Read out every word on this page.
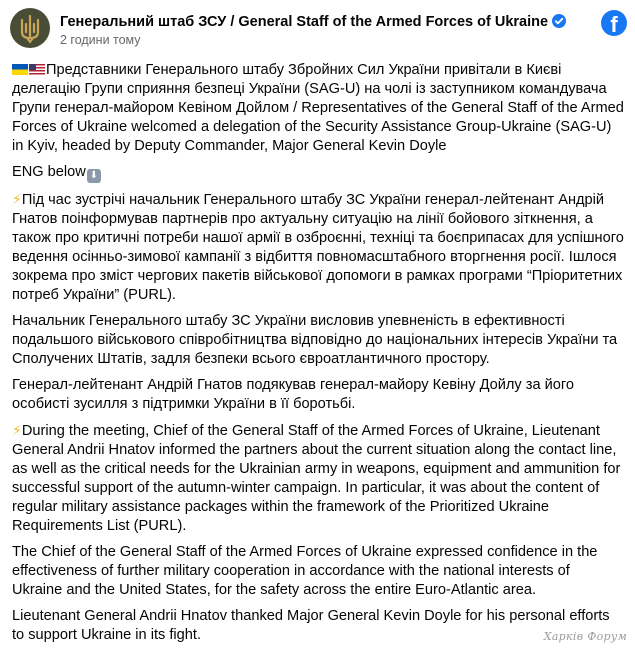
Генеральний штаб ЗСУ / General Staff of the Armed Forces of Ukraine
2 години тому
f

Представники Генерального штабу Збройних Сил України привітали в Києві делегацію Групи сприяння безпеці України (SAG-U) на чолі із заступником командувача Групи генерал-майором Кевіном Дойлом / Representatives of the General Staff of the Armed Forces of Ukraine welcomed a delegation of the Security Assistance Group-Ukraine (SAG-U) in Kyiv, headed by Deputy Commander, Major General Kevin Doyle

ENG below ⬇

⚡Під час зустрічі начальник Генерального штабу ЗС України генерал-лейтенант Андрій Гнатов поінформував партнерів про актуальну ситуацію на лінії бойового зіткнення, а також про критичні потреби нашої армії в озброєнні, техніці та боєприпасах для успішного ведення осінньо-зимової кампанії з відбиття повномасштабного вторгнення росії. Ішлося зокрема про зміст чергових пакетів військової допомоги в рамках програми “Пріоритетних потреб України” (PURL).

Начальник Генерального штабу ЗС України висловив упевненість в ефективності подальшого військового співробітництва відповідно до національних інтересів України та Сполучених Штатів, задля безпеки всього євроатлантичного простору.

Генерал-лейтенант Андрій Гнатов подякував генерал-майору Кевіну Дойлу за його особисті зусилля з підтримки України в її боротьбі.

⚡During the meeting, Chief of the General Staff of the Armed Forces of Ukraine, Lieutenant General Andrii Hnatov informed the partners about the current situation along the contact line, as well as the critical needs for the Ukrainian army in weapons, equipment and ammunition for successful support of the autumn-winter campaign. In particular, it was about the content of regular military assistance packages within the framework of the Prioritized Ukraine Requirements List (PURL).

The Chief of the General Staff of the Armed Forces of Ukraine expressed confidence in the effectiveness of further military cooperation in accordance with the national interests of Ukraine and the United States, for the safety across the entire Euro-Atlantic area.

Lieutenant General Andrii Hnatov thanked Major General Kevin Doyle for his personal efforts to support Ukraine in its fight.	Харків Форум
